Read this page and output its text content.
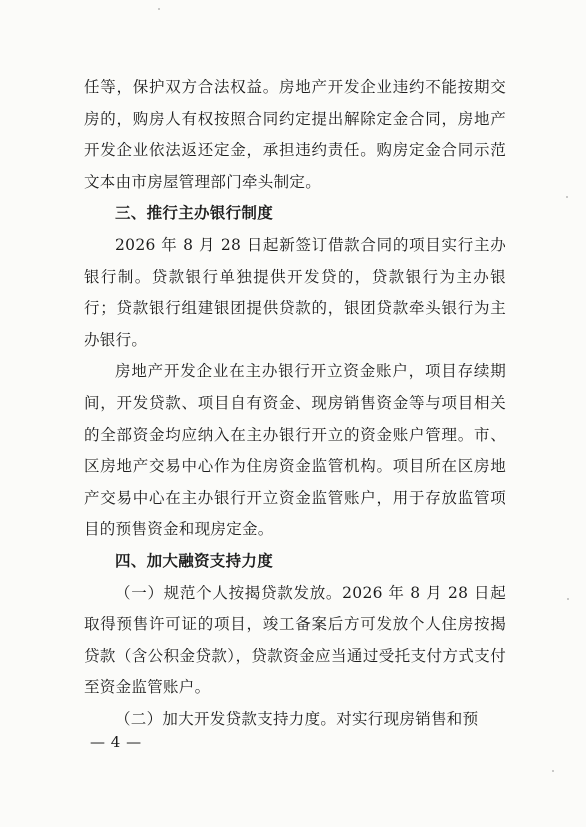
任等，保护双方合法权益。房地产开发企业违约不能按期交房的，购房人有权按照合同约定提出解除定金合同，房地产开发企业依法返还定金，承担违约责任。购房定金合同示范文本由市房屋管理部门牵头制定。

三、推行主办银行制度

2026 年 8 月 28 日起新签订借款合同的项目实行主办银行制。贷款银行单独提供开发贷的，贷款银行为主办银行；贷款银行组建银团提供贷款的，银团贷款牵头银行为主办银行。

房地产开发企业在主办银行开立资金账户，项目存续期间，开发贷款、项目自有资金、现房销售资金等与项目相关的全部资金均应纳入在主办银行开立的资金账户管理。市、区房地产交易中心作为住房资金监管机构。项目所在区房地产交易中心在主办银行开立资金监管账户，用于存放监管项目的预售资金和现房定金。

四、加大融资支持力度

（一）规范个人按揭贷款发放。2026 年 8 月 28 日起取得预售许可证的项目，竣工备案后方可发放个人住房按揭贷款（含公积金贷款），贷款资金应当通过受托支付方式支付至资金监管账户。

（二）加大开发贷款支持力度。对实行现房销售和预

— 4 —
